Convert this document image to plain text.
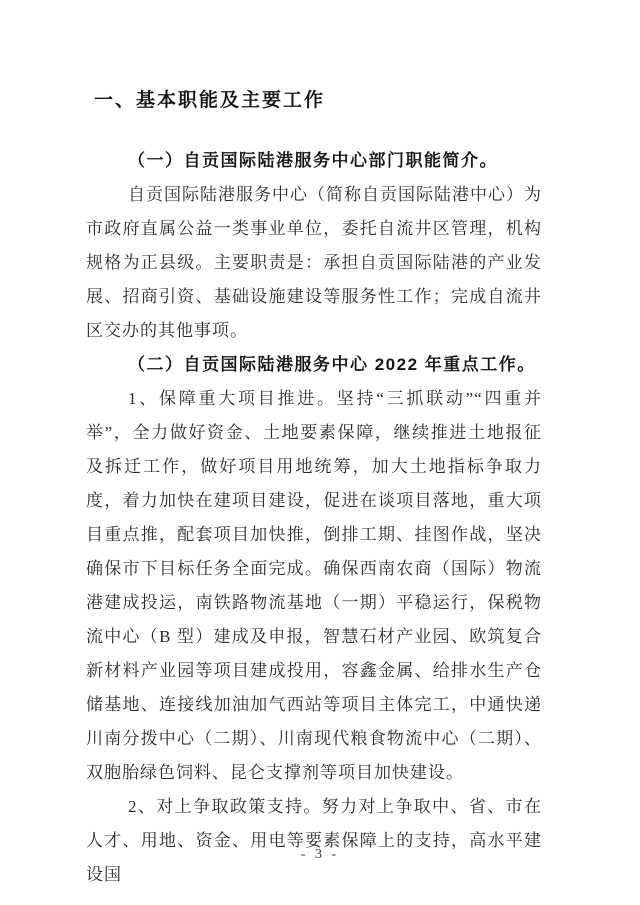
一、基本职能及主要工作

（一）自贡国际陆港服务中心部门职能简介。

自贡国际陆港服务中心（简称自贡国际陆港中心）为市政府直属公益一类事业单位，委托自流井区管理，机构规格为正县级。主要职责是：承担自贡国际陆港的产业发展、招商引资、基础设施建设等服务性工作；完成自流井区交办的其他事项。

（二）自贡国际陆港服务中心 2022 年重点工作。

1、保障重大项目推进。坚持“三抓联动”“四重并举”，全力做好资金、土地要素保障，继续推进土地报征及拆迁工作，做好项目用地统筹，加大土地指标争取力度，着力加快在建项目建设，促进在谈项目落地，重大项目重点推，配套项目加快推，倒排工期、挂图作战，坚决确保市下目标任务全面完成。确保西南农商（国际）物流港建成投运，南铁路物流基地（一期）平稳运行，保税物流中心（B 型）建成及申报，智慧石材产业园、欧筑复合新材料产业园等项目建成投用，容鑫金属、给排水生产仓储基地、连接线加油加气西站等项目主体完工，中通快递川南分拨中心（二期）、川南现代粮食物流中心（二期）、双胞胎绿色饲料、昆仑支撑剂等项目加快建设。

2、对上争取政策支持。努力对上争取中、省、市在人才、用地、资金、用电等要素保障上的支持，高水平建设国

- 3 -
